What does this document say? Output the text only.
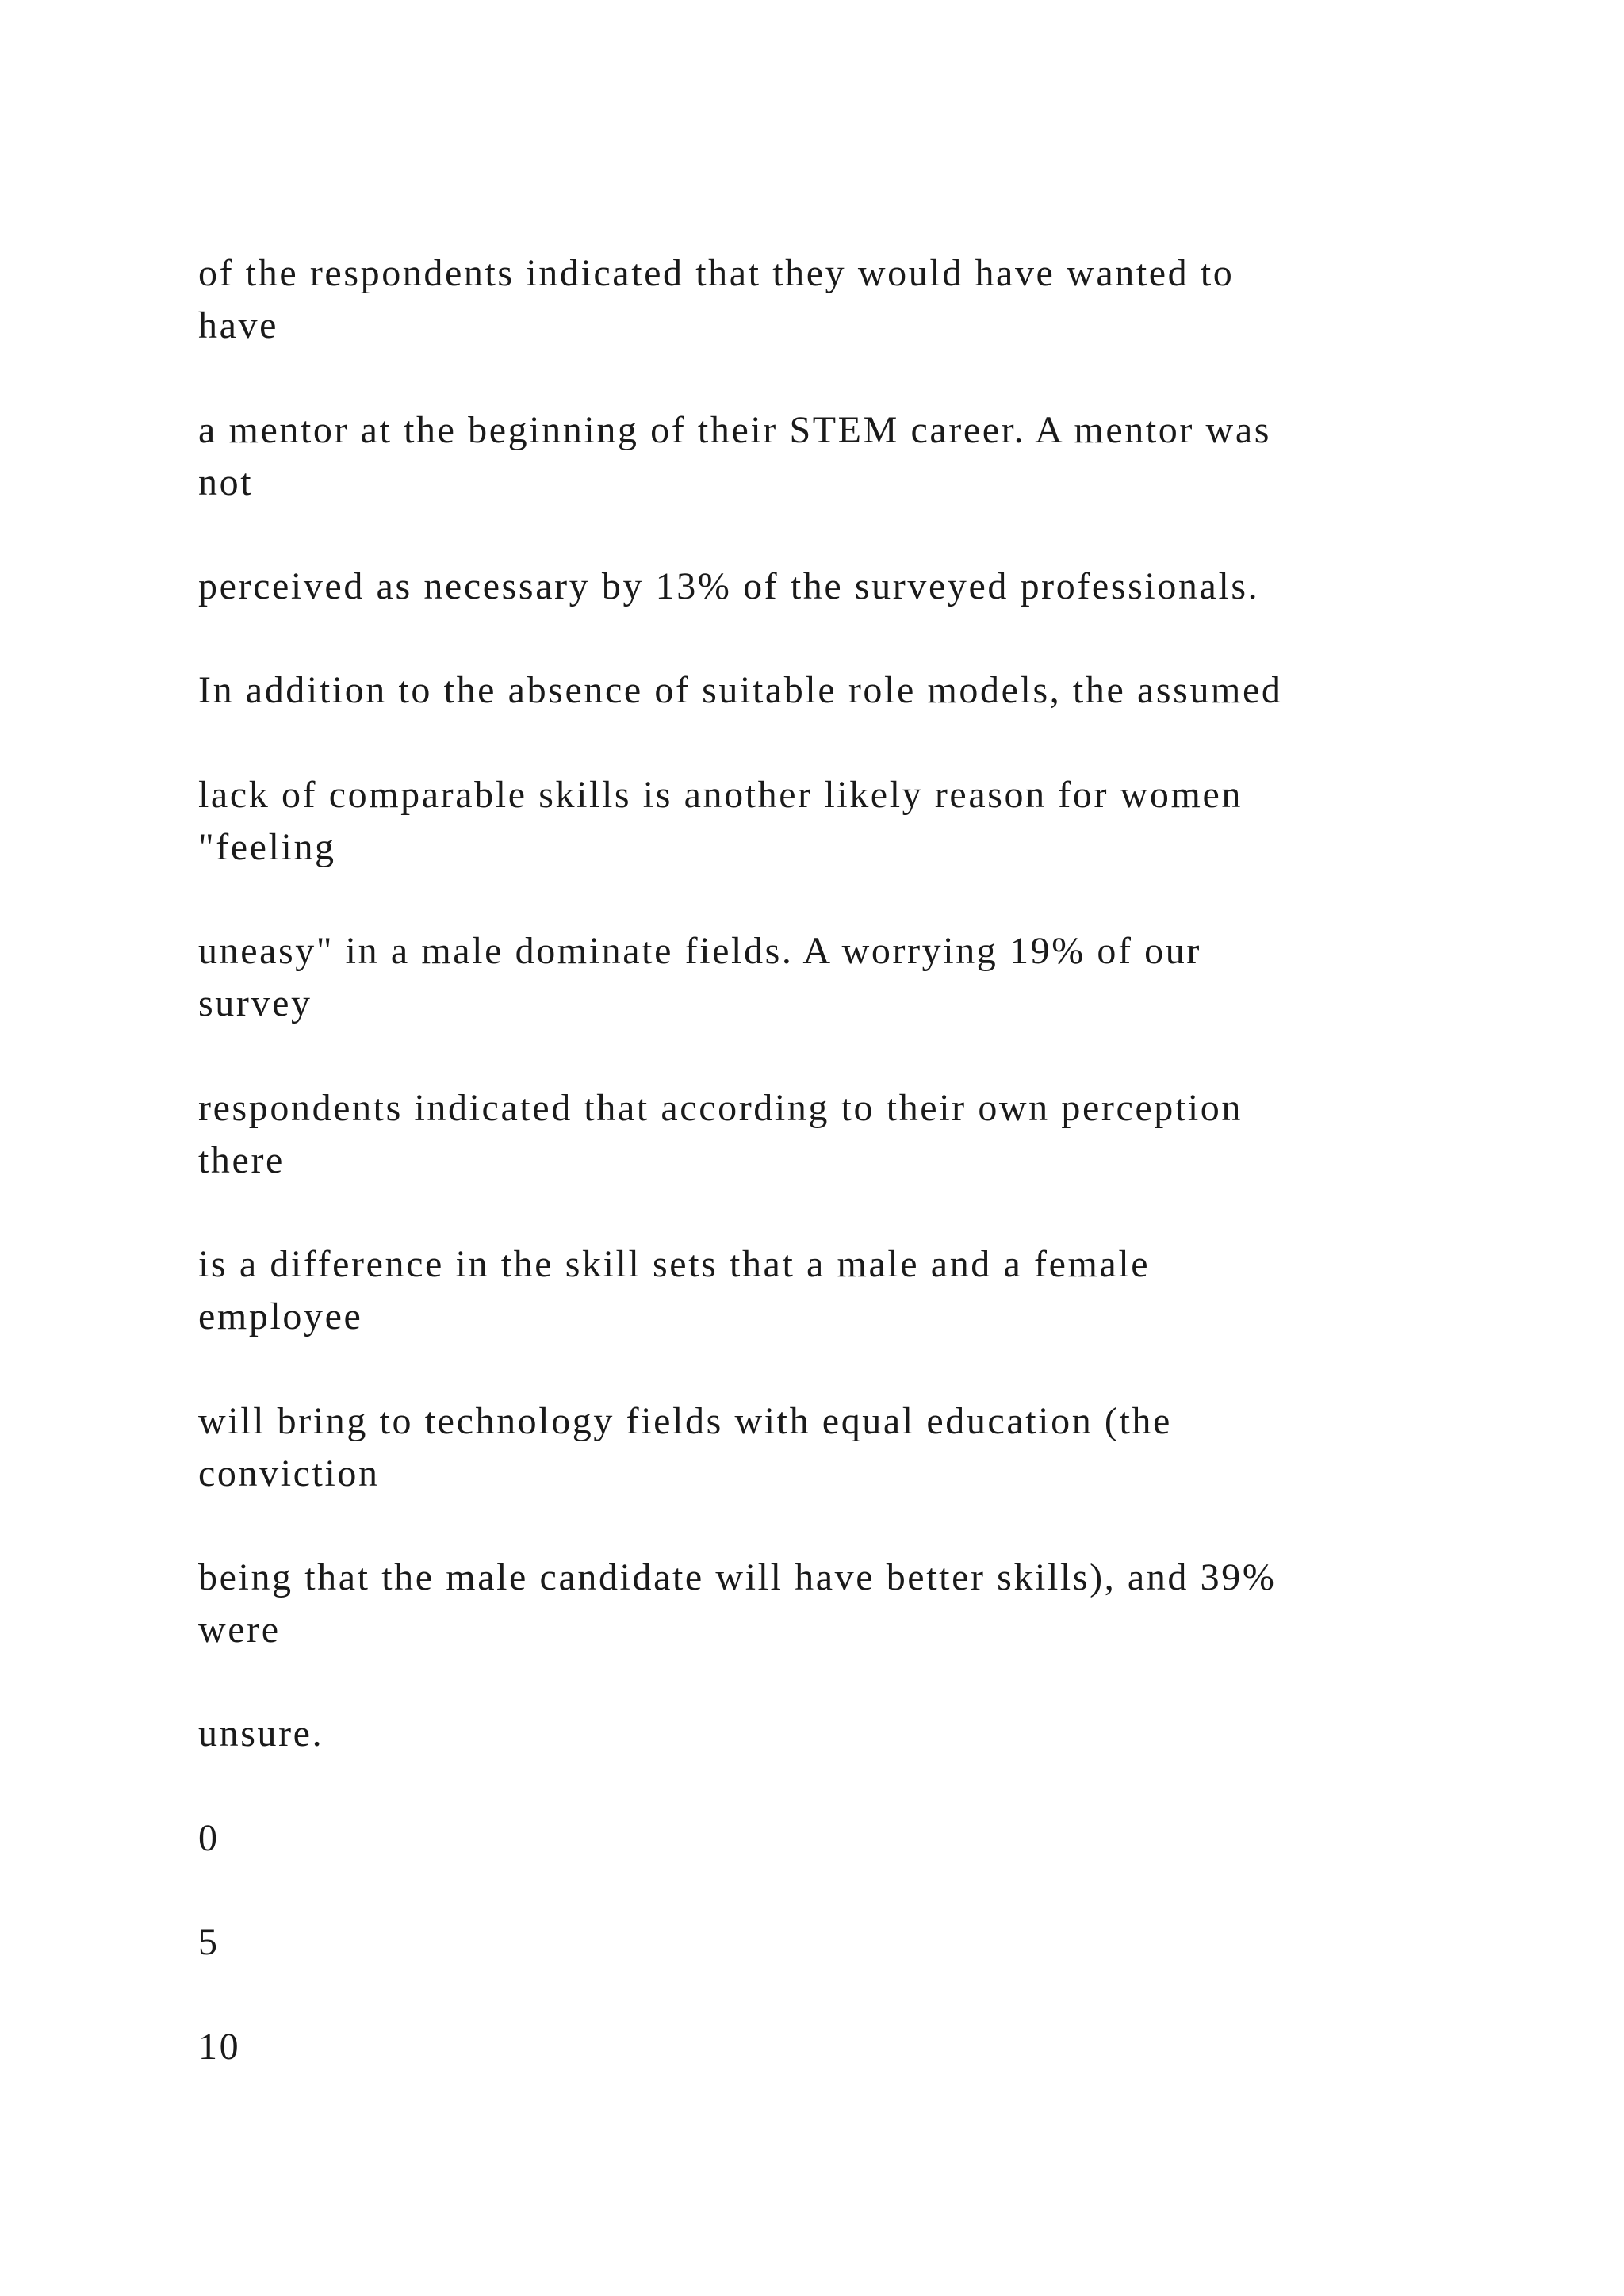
of the respondents indicated that they would have wanted to

have

a mentor at the beginning of their STEM career. A mentor was

not

perceived as necessary by 13% of the surveyed professionals.

In addition to the absence of suitable role models, the assumed

lack of comparable skills is another likely reason for women

"feeling

uneasy" in a male dominate fields. A worrying 19% of our

survey

respondents indicated that according to their own perception

there

is a difference in the skill sets that a male and a female

employee

will bring to technology fields with equal education (the

conviction

being that the male candidate will have better skills), and 39%

were

unsure.

0

5

10
